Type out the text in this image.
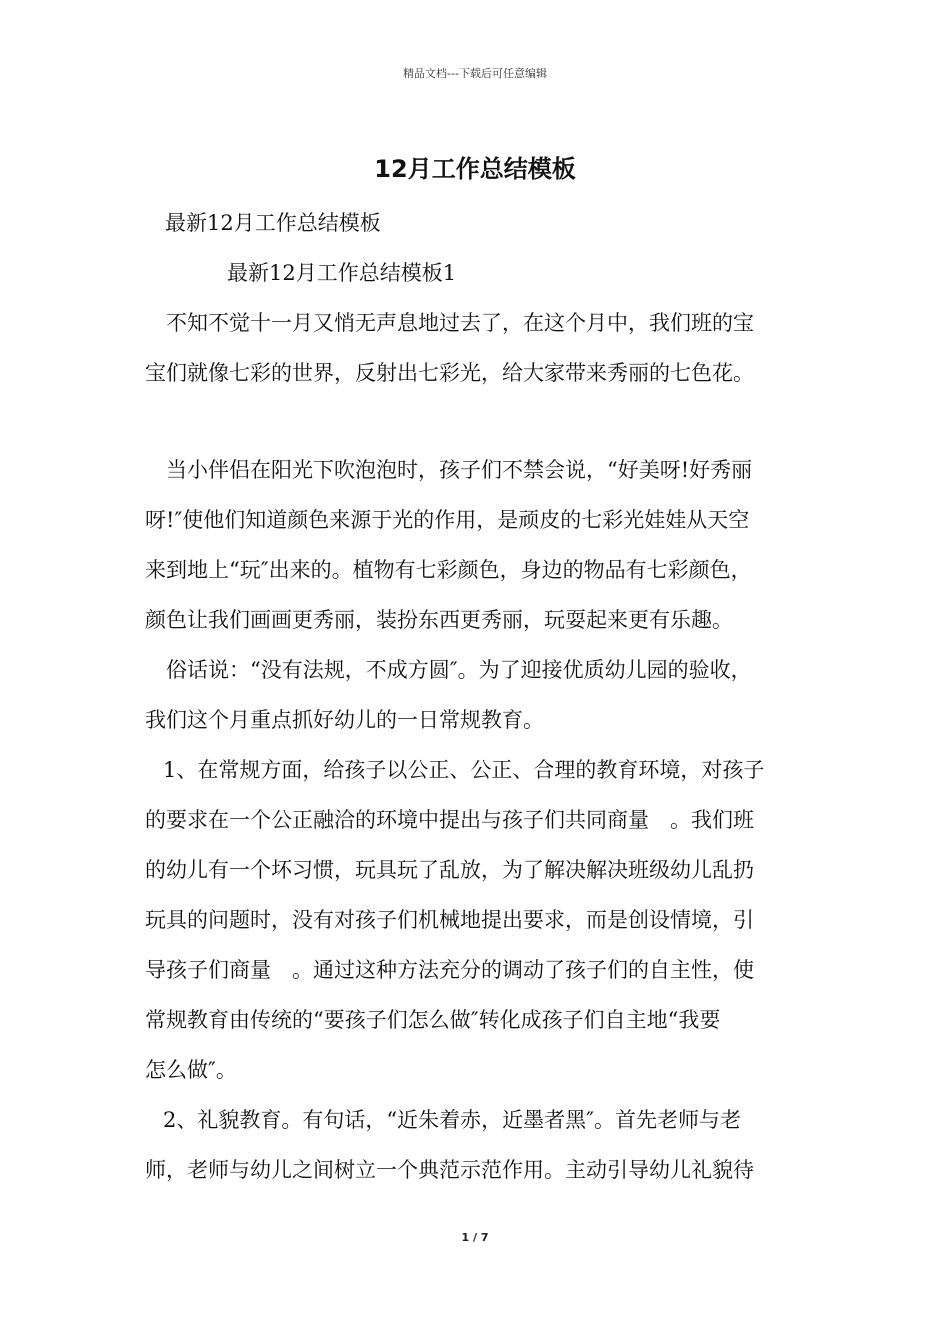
精品文档---下载后可任意编辑
12月工作总结模板
最新12月工作总结模板
最新12月工作总结模板1
不知不觉十一月又悄无声息地过去了，在这个月中，我们班的宝
宝们就像七彩的世界，反射出七彩光，给大家带来秀丽的七色花。
当小伴侣在阳光下吹泡泡时，孩子们不禁会说，“好美呀!好秀丽
呀!″使他们知道颜色来源于光的作用，是顽皮的七彩光娃娃从天空
来到地上“玩″出来的。植物有七彩颜色，身边的物品有七彩颜色，
颜色让我们画画更秀丽，装扮东西更秀丽，玩耍起来更有乐趣。
俗话说：“没有法规，不成方圆″。为了迎接优质幼儿园的验收，
我们这个月重点抓好幼儿的一日常规教育。
1、在常规方面，给孩子以公正、公正、合理的教育环境，对孩子
的要求在一个公正融洽的环境中提出与孩子们共同商量　。我们班
的幼儿有一个坏习惯，玩具玩了乱放，为了解决解决班级幼儿乱扔
玩具的问题时，没有对孩子们机械地提出要求，而是创设情境，引
导孩子们商量　。通过这种方法充分的调动了孩子们的自主性，使
常规教育由传统的“要孩子们怎么做″转化成孩子们自主地“我要
怎么做″。
2、礼貌教育。有句话，“近朱着赤，近墨者黑″。首先老师与老
师，老师与幼儿之间树立一个典范示范作用。主动引导幼儿礼貌待
1 / 7
